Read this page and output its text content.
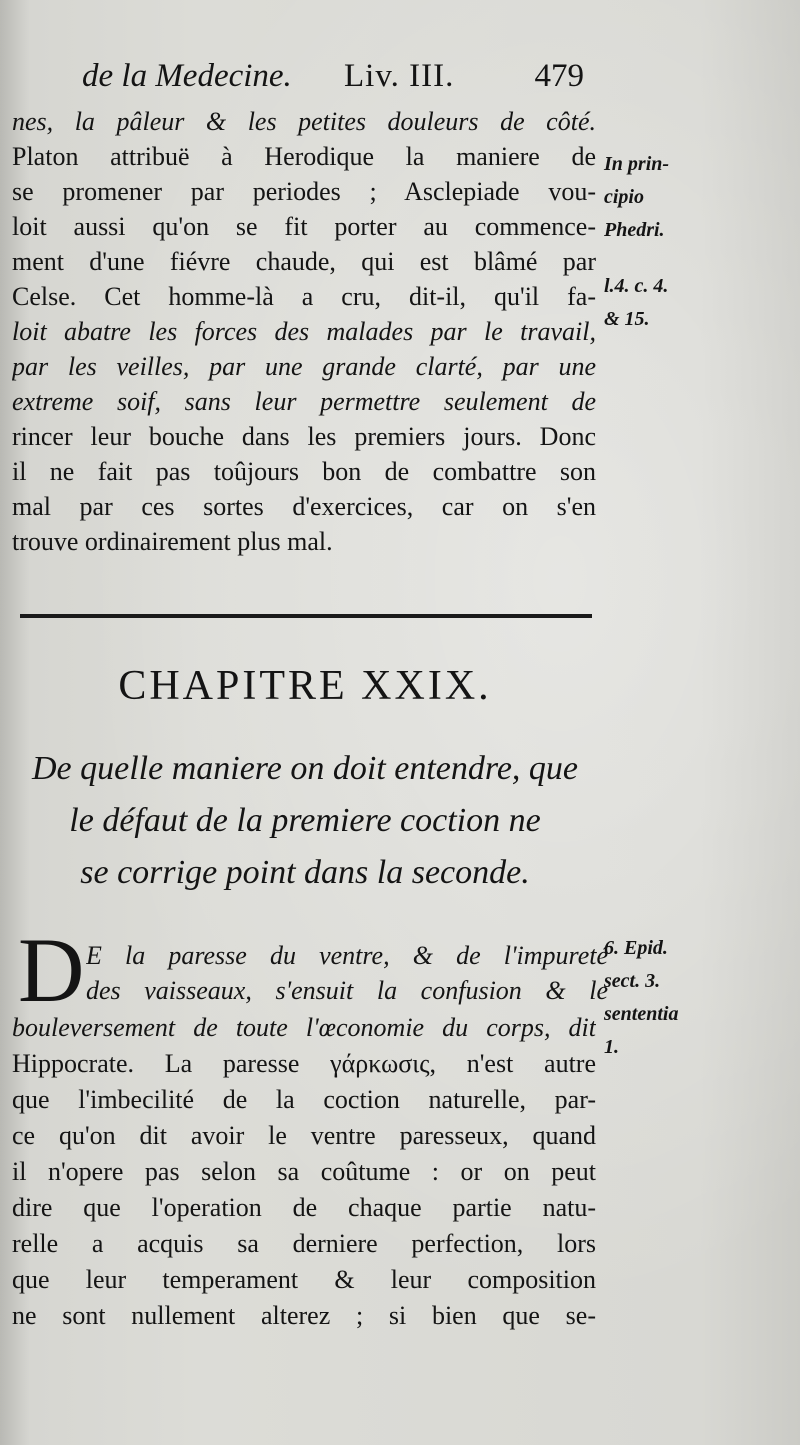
de la Medecine. Liv. III. 479
nes, la pâleur & les petites douleurs de côté.
Platon attribuë à Herodique la maniere de
se promener par periodes ; Asclepiade vou-
loit aussi qu'on se fit porter au commence-
ment d'une fiévre chaude, qui est blâmé par
Celse. Cet homme-là a cru, dit-il, qu'il fa-
loit abatre les forces des malades par le travail,
par les veilles, par une grande clarté, par une
extreme soif, sans leur permettre seulement de
rincer leur bouche dans les premiers jours. Donc
il ne fait pas toûjours bon de combattre son
mal par ces sortes d'exercices, car on s'en
trouve ordinairement plus mal.
In prin-
cipio
Phedri.
l.4. c. 4.
& 15.
CHAPITRE XXIX.
De quelle maniere on doit entendre, que
le défaut de la premiere coction ne
se corrige point dans la seconde.
D E la paresse du ventre, & de l'impureté
des vaisseaux, s'ensuit la confusion & le
bouleversement de toute l'œconomie du corps, dit
Hippocrate. La paresse γάρκωσις, n'est autre
que l'imbecilité de la coction naturelle, par-
ce qu'on dit avoir le ventre paresseux, quand
il n'opere pas selon sa coûtume : or on peut
dire que l'operation de chaque partie natu-
relle a acquis sa derniere perfection, lors
que leur temperament & leur composition
ne sont nullement alterez ; si bien que se-
6. Epid.
sect. 3.
sententia
1.
